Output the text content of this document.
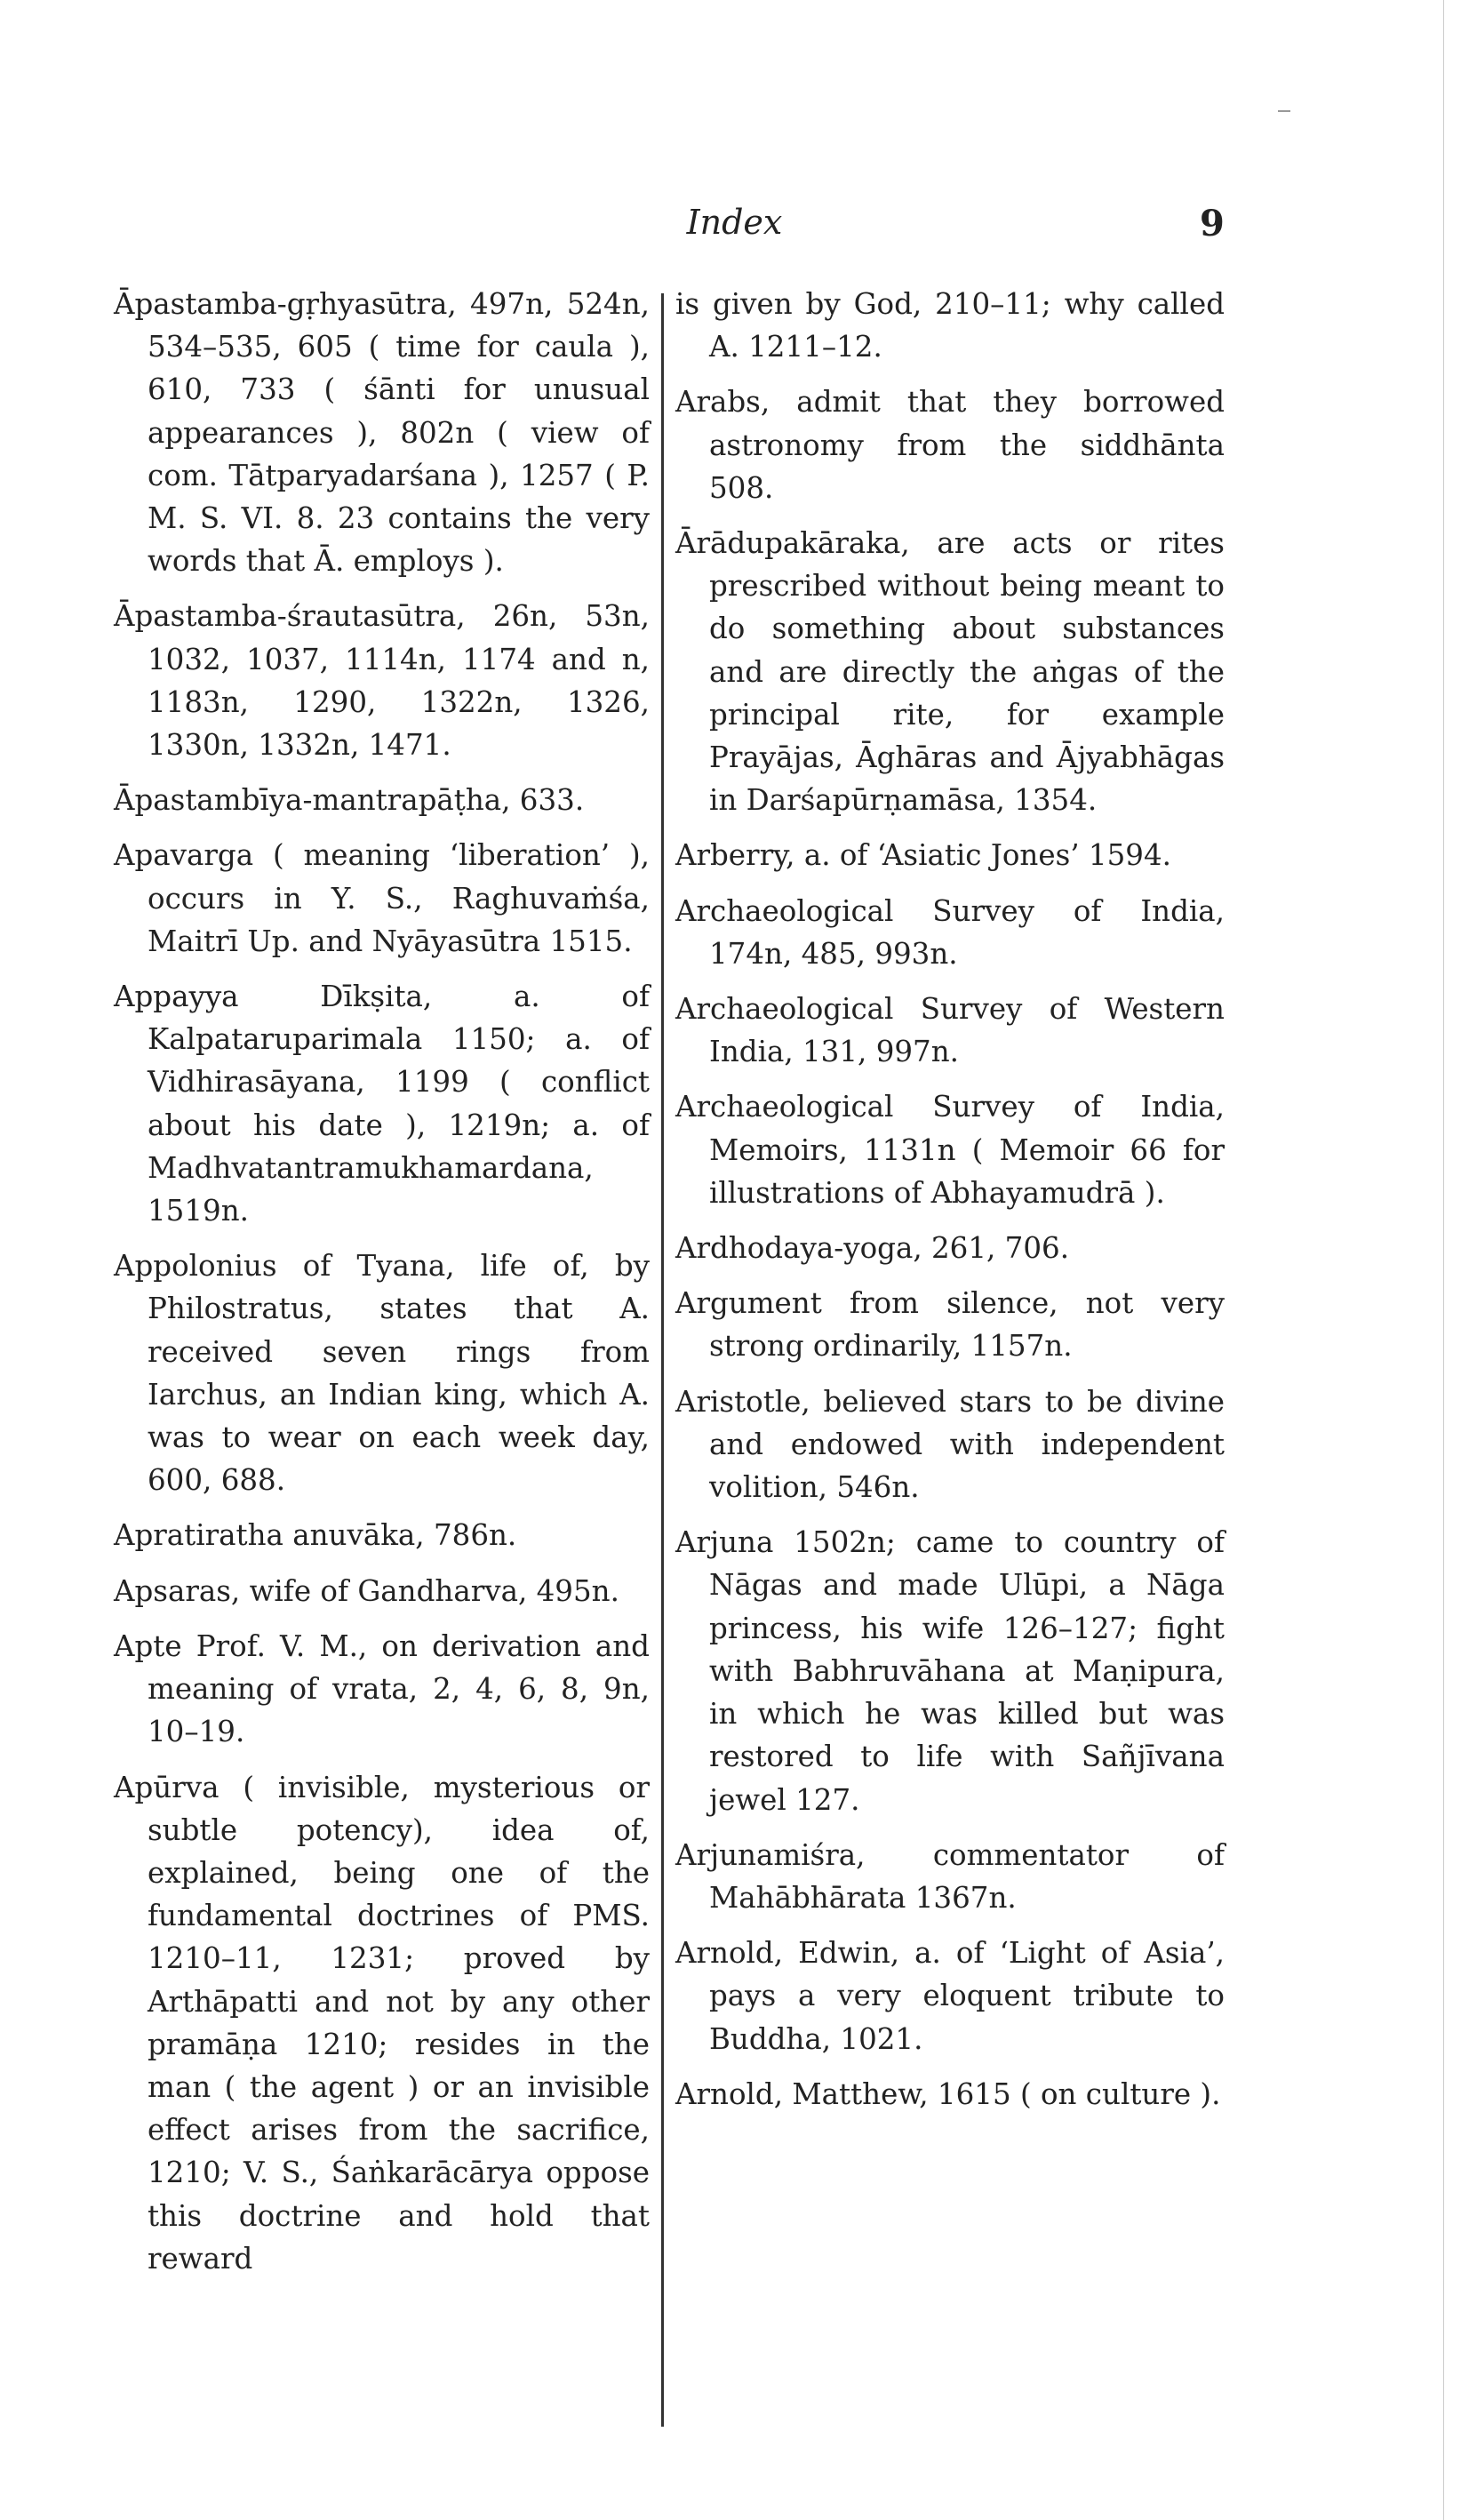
Index	9

Āpastamba-gṛhyasūtra, 497n, 524n, 534–535, 605 ( time for caula ), 610, 733 ( śānti for unusual appearances ), 802n ( view of com. Tātparyadarśana ), 1257 ( P. M. S. VI. 8. 23 contains the very words that Ā. employs ).

Āpastamba-śrautasūtra, 26n, 53n, 1032, 1037, 1114n, 1174 and n, 1183n, 1290, 1322n, 1326, 1330n, 1332n, 1471.

Āpastambīya-mantrapāṭha, 633.

Apavarga ( meaning ‘liberation’ ), occurs in Y. S., Raghuvaṁśa, Maitrī Up. and Nyāyasūtra 1515.

Appayya Dīkṣita, a. of Kalpataruparimala 1150; a. of Vidhirasāyana, 1199 ( conflict about his date ), 1219n; a. of Madhvatantramukhamardana, 1519n.

Appolonius of Tyana, life of, by Philostratus, states that A. received seven rings from Iarchus, an Indian king, which A. was to wear on each week day, 600, 688.

Apratiratha anuvāka, 786n.

Apsaras, wife of Gandharva, 495n.

Apte Prof. V. M., on derivation and meaning of vrata, 2, 4, 6, 8, 9n, 10–19.

Apūrva ( invisible, mysterious or subtle potency), idea of, explained, being one of the fundamental doctrines of PMS. 1210–11, 1231; proved by Arthāpatti and not by any other pramāṇa 1210; resides in the man ( the agent ) or an invisible effect arises from the sacrifice, 1210; V. S., Śaṅkarācārya oppose this doctrine and hold that reward

is given by God, 210–11; why called A. 1211–12.

Arabs, admit that they borrowed astronomy from the siddhānta 508.

Ārādupakāraka, are acts or rites prescribed without being meant to do something about substances and are directly the aṅgas of the principal rite, for example Prayājas, Āghāras and Ājyabhāgas in Darśapūrṇamāsa, 1354.

Arberry, a. of ‘Asiatic Jones’ 1594.

Archaeological Survey of India, 174n, 485, 993n.

Archaeological Survey of Western India, 131, 997n.

Archaeological Survey of India, Memoirs, 1131n ( Memoir 66 for illustrations of Abhayamudrā ).

Ardhodaya-yoga, 261, 706.

Argument from silence, not very strong ordinarily, 1157n.

Aristotle, believed stars to be divine and endowed with independent volition, 546n.

Arjuna 1502n; came to country of Nāgas and made Ulūpi, a Nāga princess, his wife 126–127; fight with Babhruvāhana at Maṇipura, in which he was killed but was restored to life with Sañjīvana jewel 127.

Arjunamiśra, commentator of Mahābhārata 1367n.

Arnold, Edwin, a. of ‘Light of Asia’, pays a very eloquent tribute to Buddha, 1021.

Arnold, Matthew, 1615 ( on culture ).
